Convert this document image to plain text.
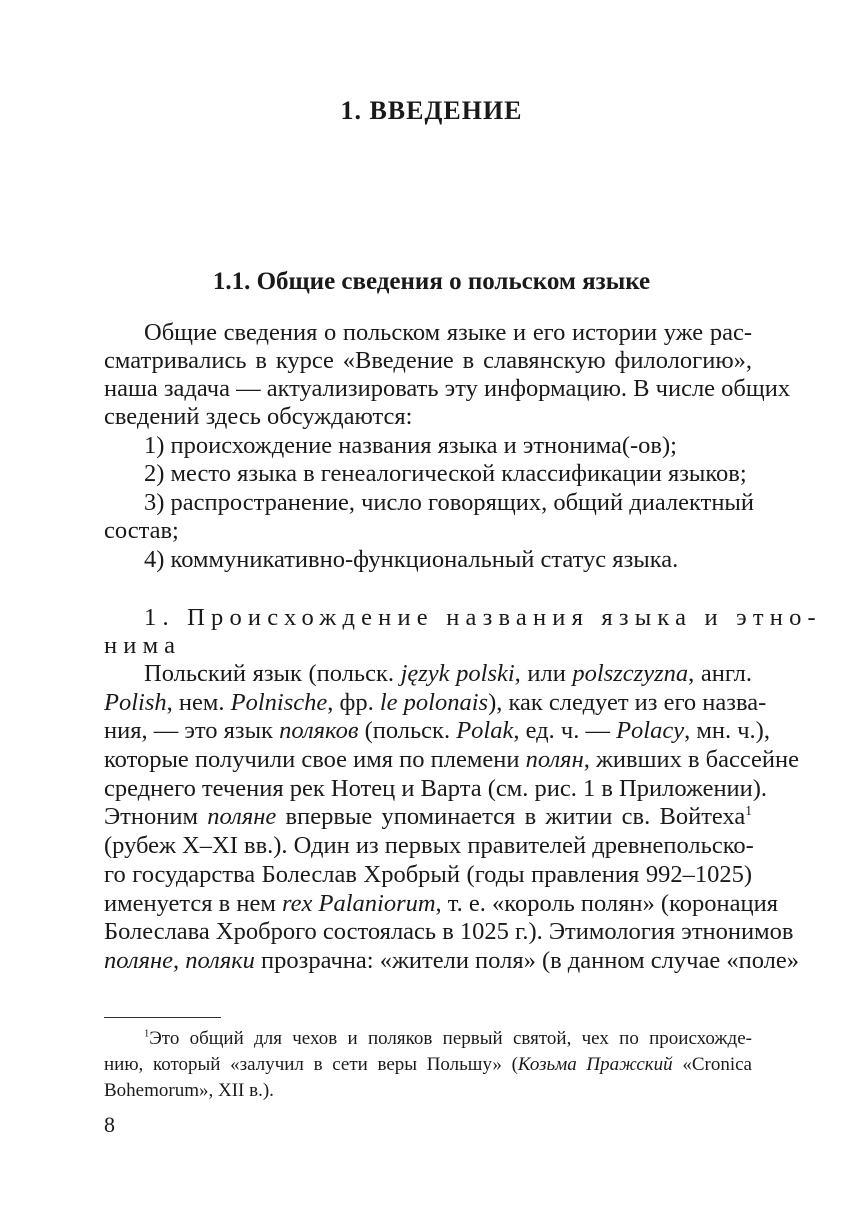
1. ВВЕДЕНИЕ
1.1. Общие сведения о польском языке
Общие сведения о польском языке и его истории уже рас-
сматривались в курсе «Введение в славянскую филологию»,
наша задача — актуализировать эту информацию. В числе общих
сведений здесь обсуждаются:
1) происхождение названия языка и этнонима(-ов);
2) место языка в генеалогической классификации языков;
3) распространение, число говорящих, общий диалектный
состав;
4) коммуникативно-функциональный статус языка.
1. Происхождение названия языка и этно-
нима
Польский язык (польск. język polski, или polszczyzna, англ.
Polish, нем. Polnische, фр. le polonais), как следует из его назва-
ния, — это язык поляков (польск. Polak, ед. ч. — Polacy, мн. ч.),
которые получили свое имя по племени полян, живших в бассейне
среднего течения рек Нотец и Варта (см. рис. 1 в Приложении).
Этноним поляне впервые упоминается в житии св. Войтеха$^1$
(рубеж X–XI вв.). Один из первых правителей древнепольско-
го государства Болеслав Хробрый (годы правления 992–1025)
именуется в нем rex Palaniorum, т. е. «король полян» (коронация
Болеслава Хроброго состоялась в 1025 г.). Этимология этнонимов
поляне, поляки прозрачна: «жители поля» (в данном случае «поле»
$^1$Это общий для чехов и поляков первый святой, чех по происхожде-
нию, который «залучил в сети веры Польшу» (Козьма Пражский «Cronica
Bohemorum», XII в.).
8
